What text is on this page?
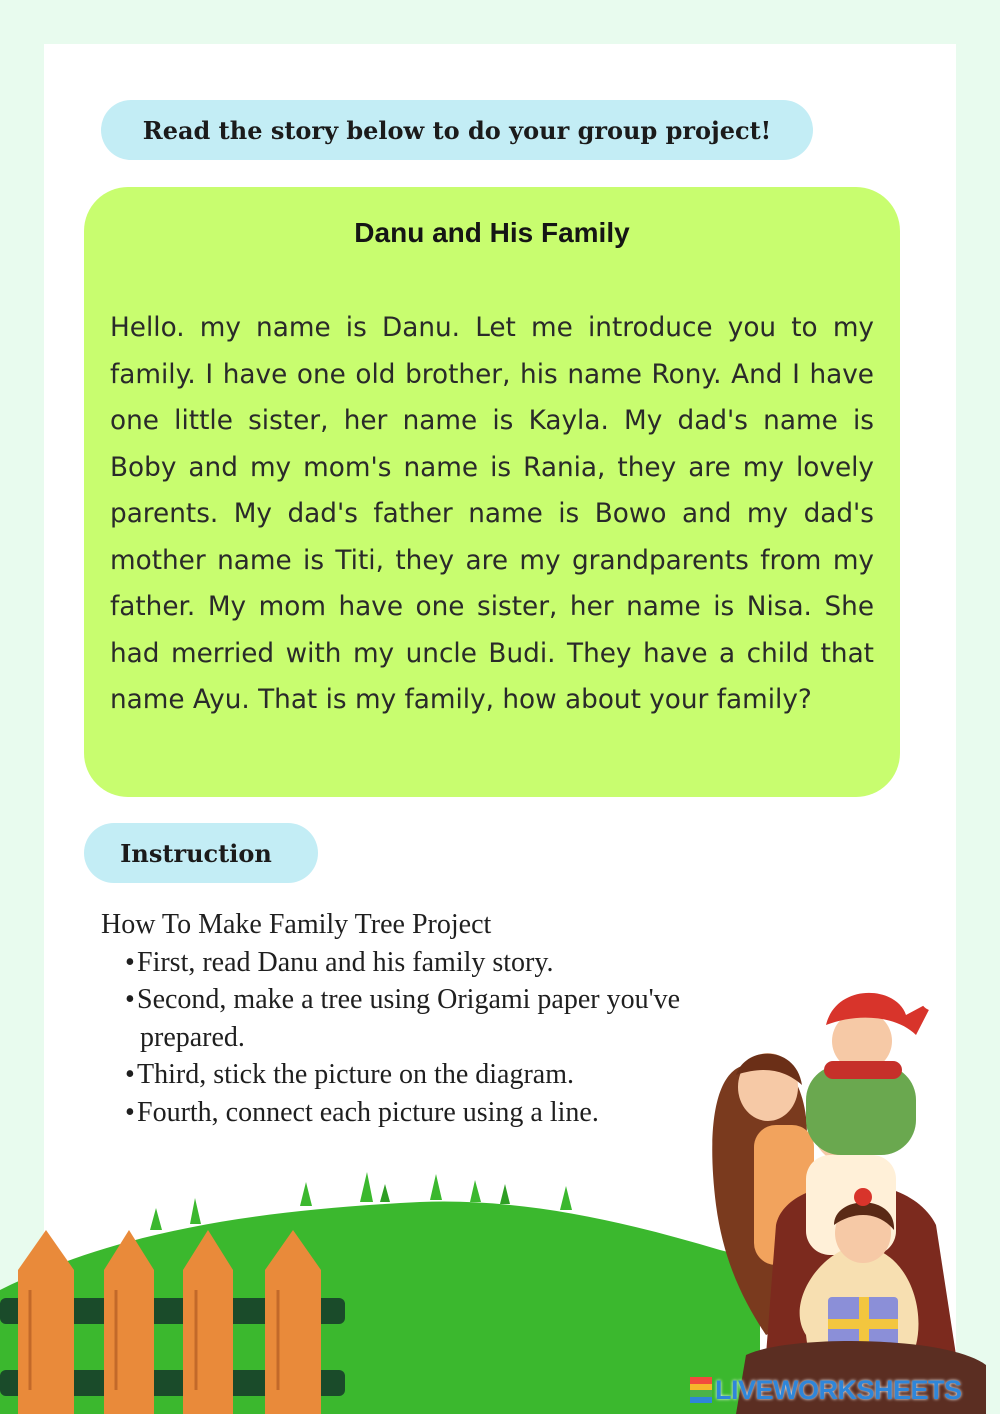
Read the story below to do your group project!
Danu and His Family

Hello. my name is Danu. Let me introduce you to my family. I have one old brother, his name Rony. And I have one little sister, her name is Kayla. My dad's name is Boby and my mom's name is Rania, they are my lovely parents. My dad's father name is Bowo and my dad's mother name is Titi, they are my grandparents from my father. My mom have one sister, her name is Nisa. She had merried with my uncle Budi. They have a child that name Ayu. That is my family, how about your family?

Instruction

How To Make Family Tree Project

• First, read Danu and his family story.
• Second, make a tree using Origami paper you've
prepared.
• Third, stick the picture on the diagram.
• Fourth, connect each picture using a line.
LIVEWORKSHEETS
